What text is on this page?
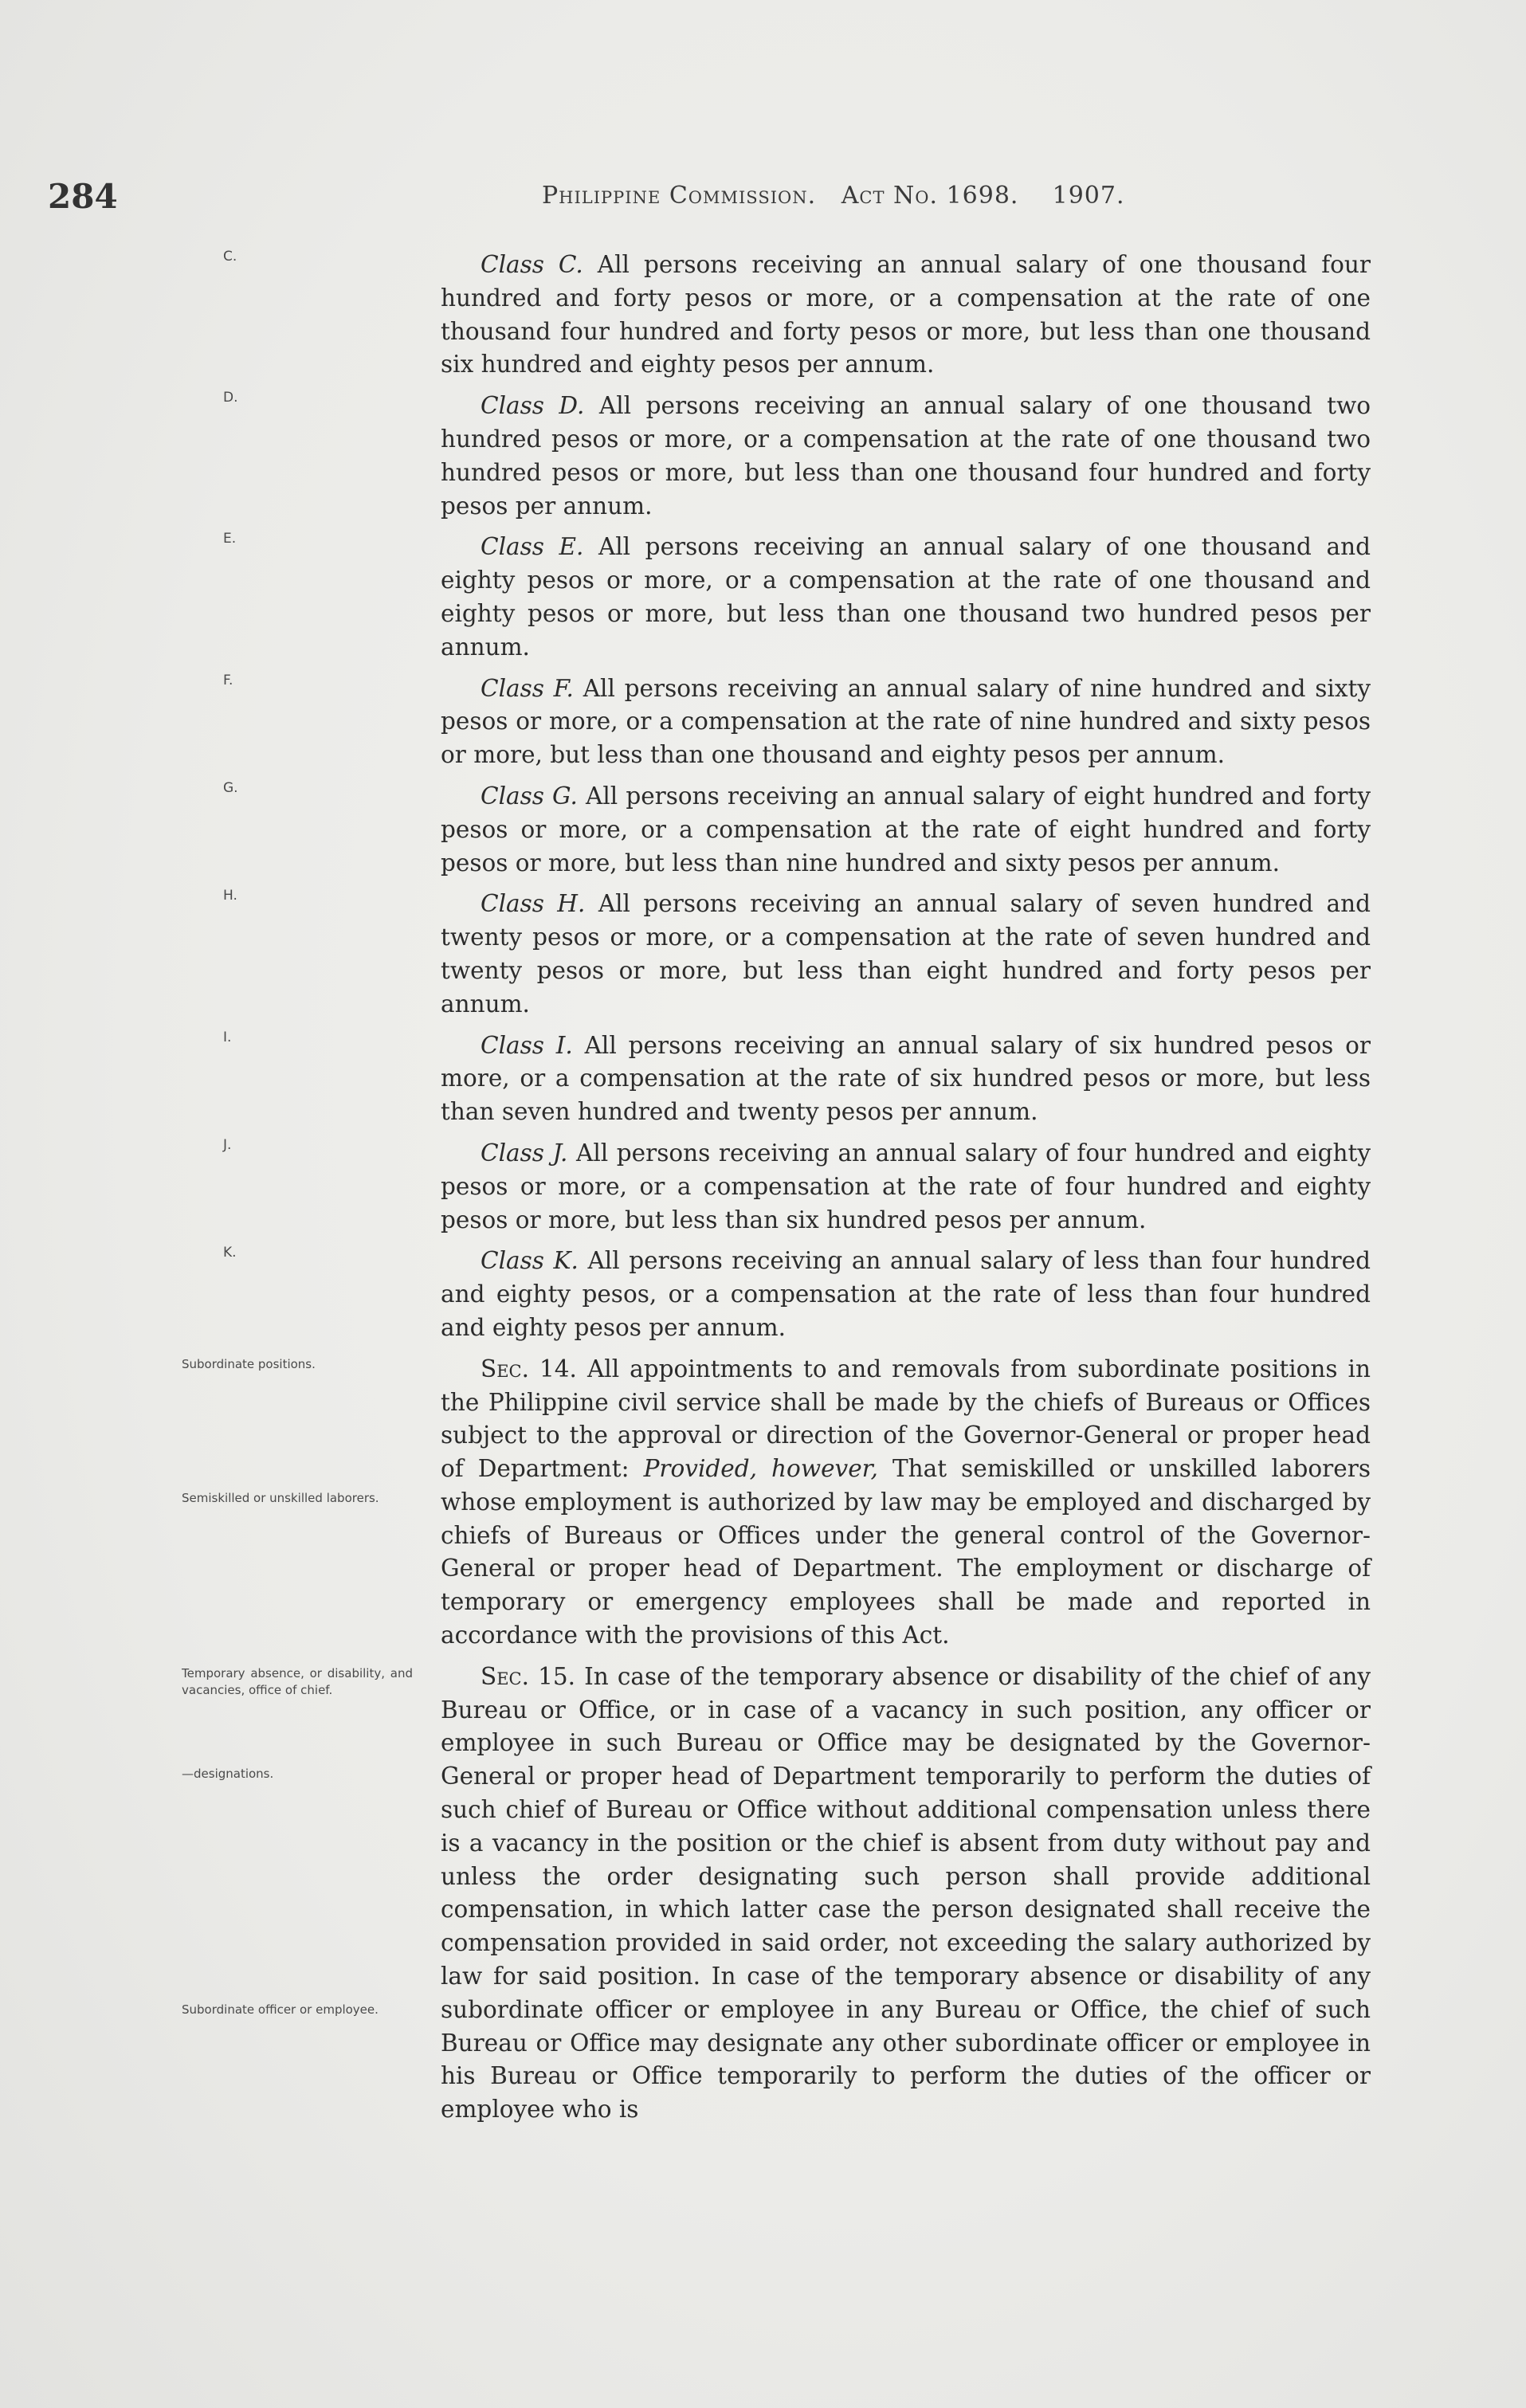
284	Philippine Commission. Act No. 1698. 1907.
C.	Class C. All persons receiving an annual salary of one thousand four hundred and forty pesos or more, or a compensation at the rate of one thousand four hundred and forty pesos or more, but less than one thousand six hundred and eighty pesos per annum.
D.	Class D. All persons receiving an annual salary of one thousand two hundred pesos or more, or a compensation at the rate of one thousand two hundred pesos or more, but less than one thousand four hundred and forty pesos per annum.
E.	Class E. All persons receiving an annual salary of one thousand and eighty pesos or more, or a compensation at the rate of one thousand and eighty pesos or more, but less than one thousand two hundred pesos per annum.
F.	Class F. All persons receiving an annual salary of nine hundred and sixty pesos or more, or a compensation at the rate of nine hundred and sixty pesos or more, but less than one thousand and eighty pesos per annum.
G.	Class G. All persons receiving an annual salary of eight hundred and forty pesos or more, or a compensation at the rate of eight hundred and forty pesos or more, but less than nine hundred and sixty pesos per annum.
H.	Class H. All persons receiving an annual salary of seven hundred and twenty pesos or more, or a compensation at the rate of seven hundred and twenty pesos or more, but less than eight hundred and forty pesos per annum.
I.	Class I. All persons receiving an annual salary of six hundred pesos or more, or a compensation at the rate of six hundred pesos or more, but less than seven hundred and twenty pesos per annum.
J.	Class J. All persons receiving an annual salary of four hundred and eighty pesos or more, or a compensation at the rate of four hundred and eighty pesos or more, but less than six hundred pesos per annum.
K.	Class K. All persons receiving an annual salary of less than four hundred and eighty pesos, or a compensation at the rate of less than four hundred and eighty pesos per annum.
Subordinate positions.
Semiskilled or unskilled laborers.
Sec. 14. All appointments to and removals from subordinate positions in the Philippine civil service shall be made by the chiefs of Bureaus or Offices subject to the approval or direction of the Governor-General or proper head of Department: Provided, however, That semiskilled or unskilled laborers whose employment is authorized by law may be employed and discharged by chiefs of Bureaus or Offices under the general control of the Governor-General or proper head of Department. The employment or discharge of temporary or emergency employees shall be made and reported in accordance with the provisions of this Act.
Temporary absence, or disability, and vacancies, office of chief.
—designations.
Subordinate officer or employee.
Sec. 15. In case of the temporary absence or disability of the chief of any Bureau or Office, or in case of a vacancy in such position, any officer or employee in such Bureau or Office may be designated by the Governor-General or proper head of Department temporarily to perform the duties of such chief of Bureau or Office without additional compensation unless there is a vacancy in the position or the chief is absent from duty without pay and unless the order designating such person shall provide additional compensation, in which latter case the person designated shall receive the compensation provided in said order, not exceeding the salary authorized by law for said position. In case of the temporary absence or disability of any subordinate officer or employee in any Bureau or Office, the chief of such Bureau or Office may designate any other subordinate officer or employee in his Bureau or Office temporarily to perform the duties of the officer or employee who is
